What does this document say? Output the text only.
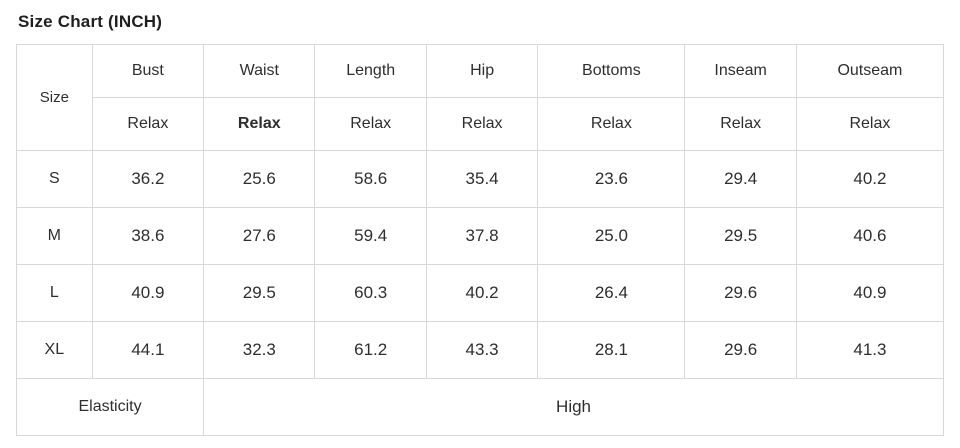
Size Chart (INCH)
Size	Bust	Waist	Length	Hip	Bottoms	Inseam	Outseam
	Relax	Relax	Relax	Relax	Relax	Relax	Relax
S	36.2	25.6	58.6	35.4	23.6	29.4	40.2
M	38.6	27.6	59.4	37.8	25.0	29.5	40.6
L	40.9	29.5	60.3	40.2	26.4	29.6	40.9
XL	44.1	32.3	61.2	43.3	28.1	29.6	41.3
Elasticity		High					
